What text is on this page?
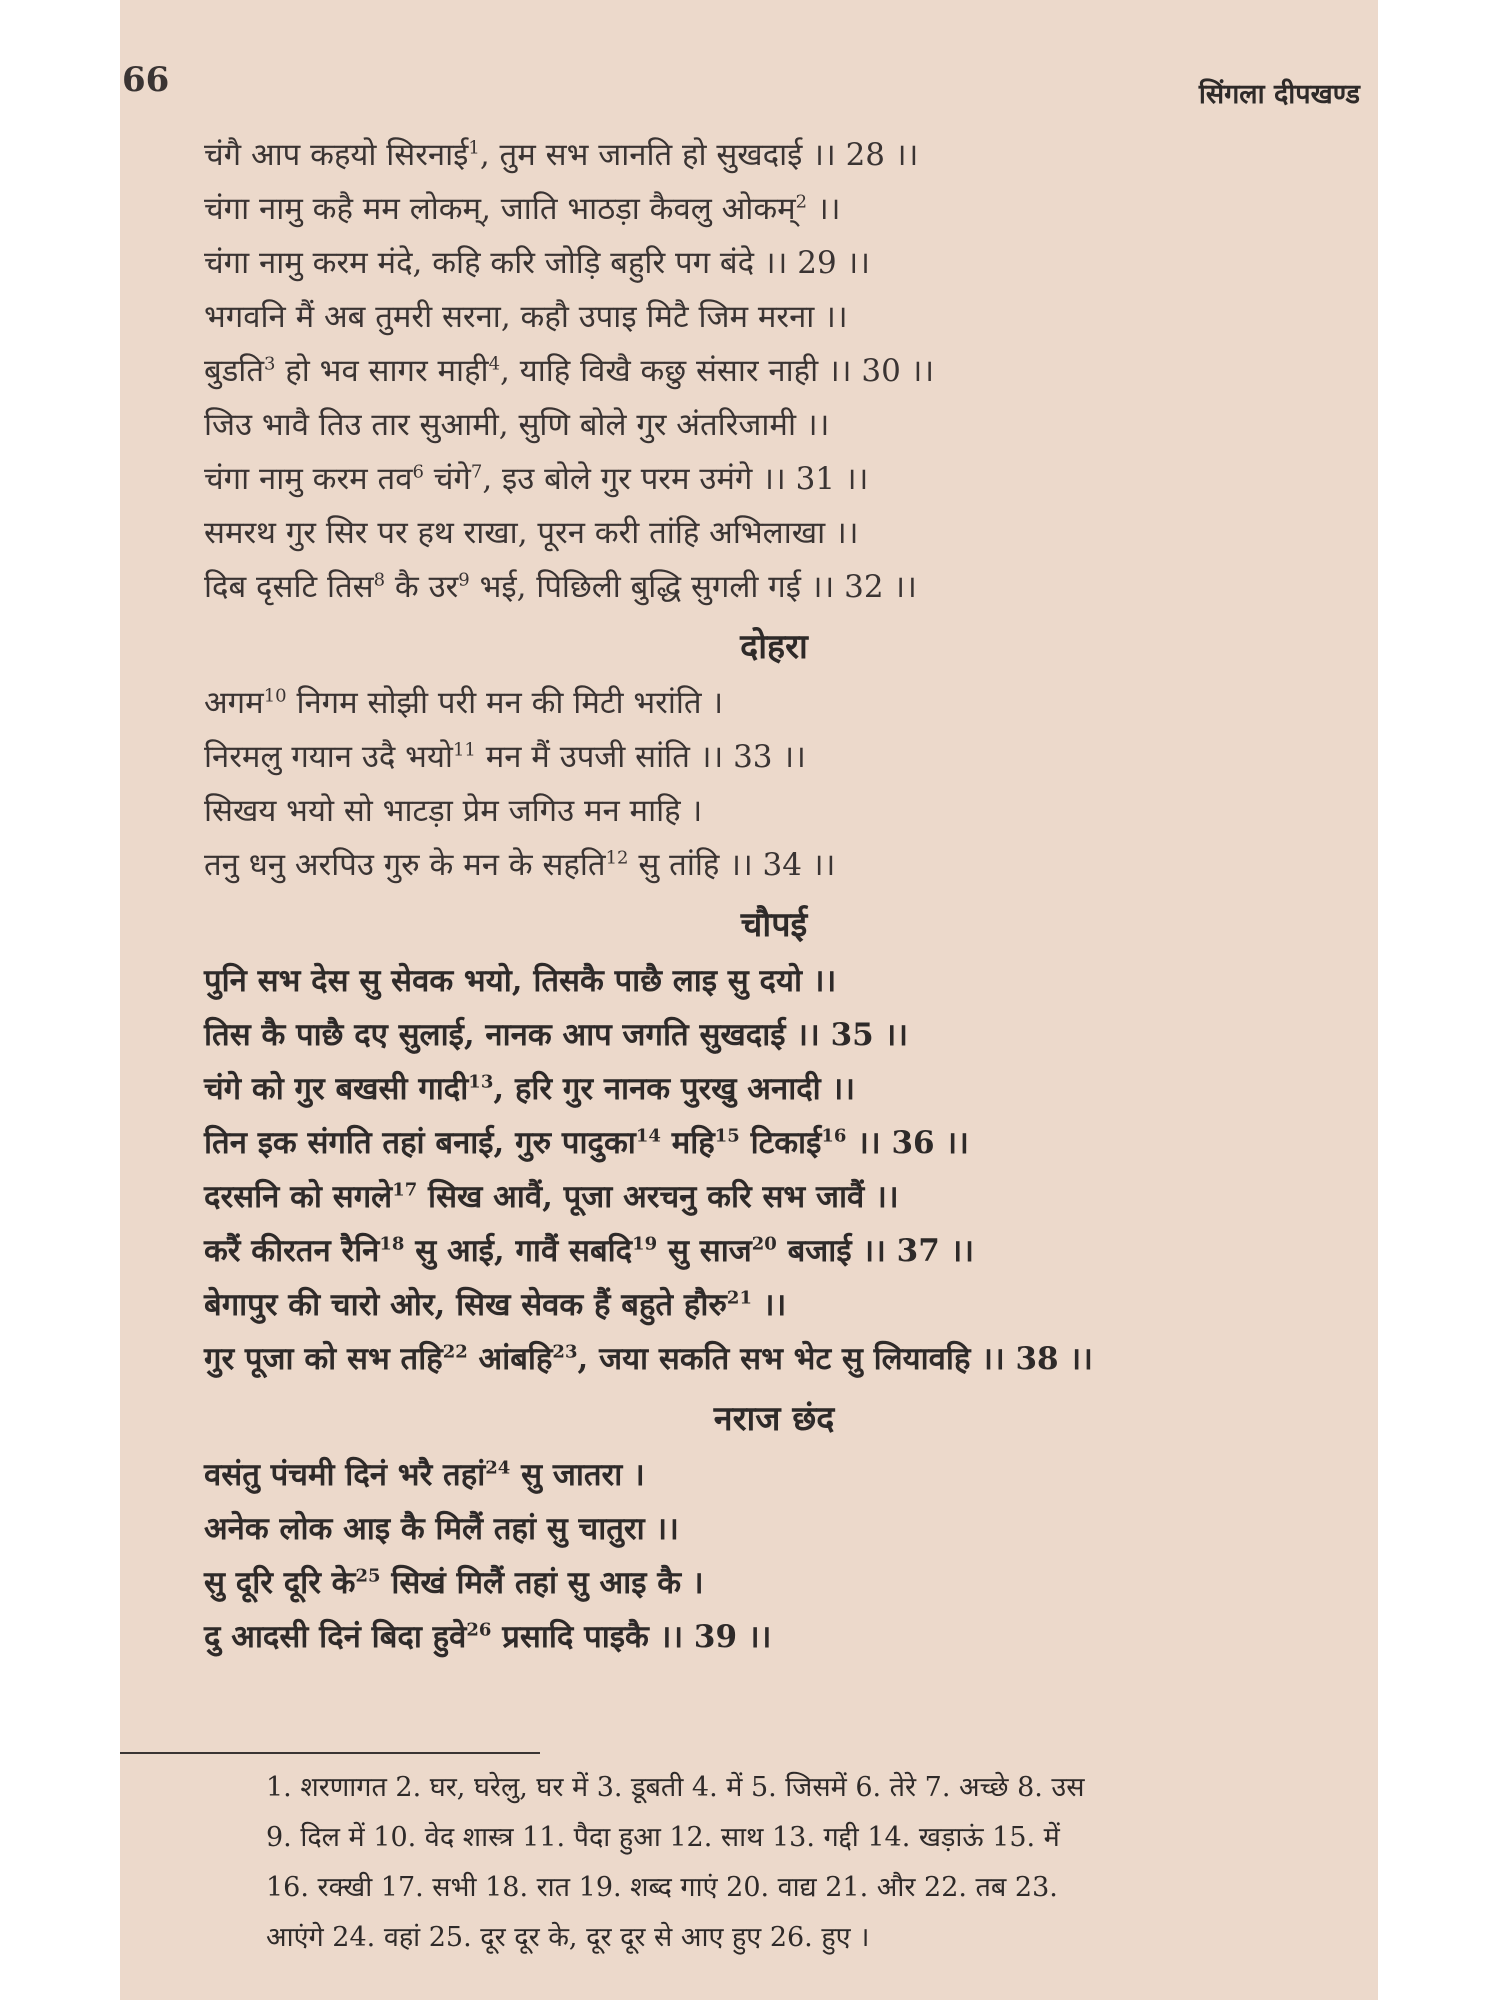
66	सिंगला दीपखण्ड
चंगै आप कहयो सिरनाई$^1$, तुम सभ जानति हो सुखदाई ।। 28 ।।
चंगा नामु कहै मम लोकम्, जाति भाठड़ा कैवलु ओकम्$^2$ ।।
चंगा नामु करम मंदे, कहि करि जोड़ि बहुरि पग बंदे ।। 29 ।।
भगवनि मैं अब तुमरी सरना, कहौ उपाइ मिटै जिम मरना ।।
बुडति$^3$ हो भव सागर माही$^4$, याहि विखै कछु संसार नाही ।। 30 ।।
जिउ भावै तिउ तार सुआमी, सुणि बोले गुर अंतरिजामी ।।
चंगा नामु करम तव$^6$ चंगे$^7$, इउ बोले गुर परम उमंगे ।। 31 ।।
समरथ गुर सिर पर हथ राखा, पूरन करी तांहि अभिलाखा ।।
दिब दृसटि तिस$^8$ कै उर$^9$ भई, पिछिली बुद्धि सुगली गई ।। 32 ।।
दोहरा
अगम$^{10}$ निगम सोझी परी मन की मिटी भरांति ।
निरमलु गयान उदै भयो$^{11}$ मन मैं उपजी सांति ।। 33 ।।
सिखय भयो सो भाटड़ा प्रेम जगिउ मन माहि ।
तनु धनु अरपिउ गुरु के मन के सहति$^{12}$ सु तांहि ।। 34 ।।
चौपई
पुनि सभ देस सु सेवक भयो, तिसकै पाछै लाइ सु दयो ।।
तिस कै पाछै दए सुलाई, नानक आप जगति सुखदाई ।। 35 ।।
चंगे को गुर बखसी गादी$^{13}$, हरि गुर नानक पुरखु अनादी ।।
तिन इक संगति तहां बनाई, गुरु पादुका$^{14}$ महि$^{15}$ टिकाई$^{16}$ ।। 36 ।।
दरसनि को सगले$^{17}$ सिख आवैं, पूजा अरचनु करि सभ जावैं ।।
करैं कीरतन रैनि$^{18}$ सु आई, गावैं सबदि$^{19}$ सु साज$^{20}$ बजाई ।। 37 ।।
बेगापुर की चारो ओर, सिख सेवक हैं बहुते हौरु$^{21}$ ।।
गुर पूजा को सभ तहि$^{22}$ आंबहि$^{23}$, जया सकति सभ भेट सु लियावहि ।। 38 ।।
नराज छंद
वसंतु पंचमी दिनं भरै तहां$^{24}$ सु जातरा ।
अनेक लोक आइ कै मिलैं तहां सु चातुरा ।।
सु दूरि दूरि के$^{25}$ सिखं मिलैं तहां सु आइ कै ।
दु आदसी दिनं बिदा हुवे$^{26}$ प्रसादि पाइकै ।। 39 ।।
1. शरणागत 2. घर, घरेलु, घर में 3. डूबती 4. में 5. जिसमें 6. तेरे 7. अच्छे 8. उस
9. दिल में 10. वेद शास्त्र 11. पैदा हुआ 12. साथ 13. गद्दी 14. खड़ाऊं 15. में
16. रक्खी 17. सभी 18. रात 19. शब्द गाएं 20. वाद्य 21. और 22. तब 23.
आएंगे 24. वहां 25. दूर दूर के, दूर दूर से आए हुए 26. हुए ।
